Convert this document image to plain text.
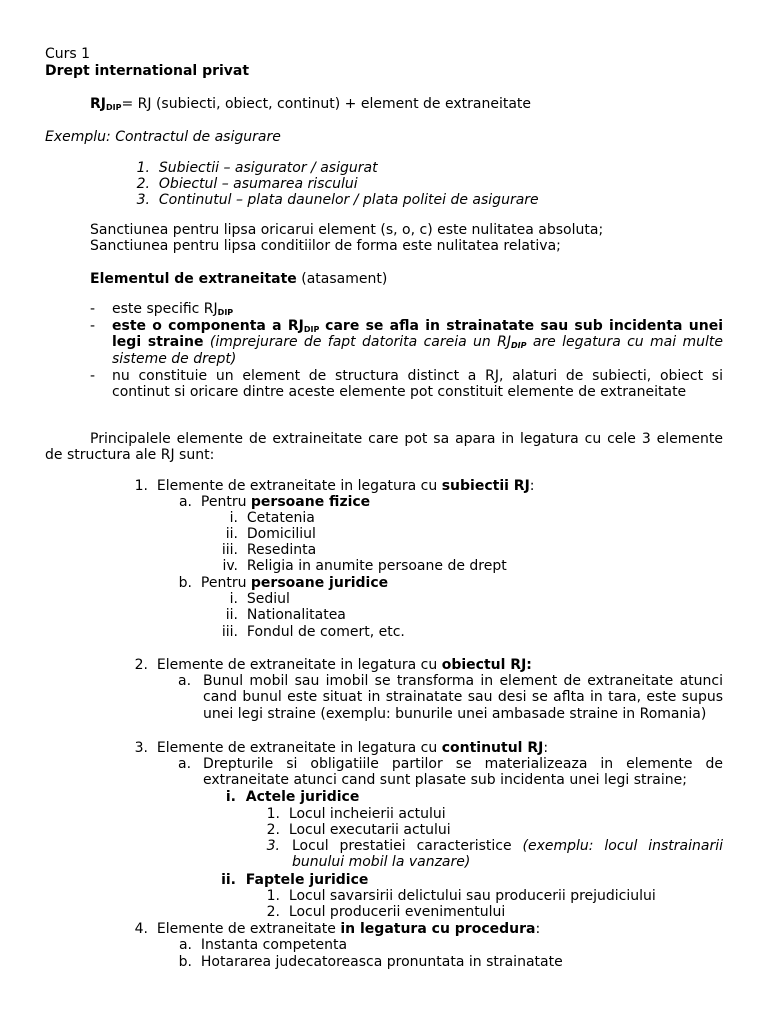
Curs 1
Drept international privat
$RJ_{DIP}=$ RJ (subiecti, obiect, continut) + element de extraneitate
Exemplu: Contractul de asigurare
1. Subiectii – asigurator / asigurat
2. Obiectul – asumarea riscului
3. Continutul – plata daunelor / plata politei de asigurare
Sanctiunea pentru lipsa oricarui element (s, o, c) este nulitatea absoluta;
Sanctiunea pentru lipsa conditiilor de forma este nulitatea relativa;
Elementul de extraneitate (atasament)
- este specific $RJ_{DIP}$
- este o componenta a $RJ_{DIP}$ care se afla in strainatate sau sub incidenta unei legi straine (imprejurare de fapt datorita careia un $RJ_{DIP}$ are legatura cu mai multe sisteme de drept)
- nu constituie un element de structura distinct a RJ, alaturi de subiecti, obiect si continut si oricare dintre aceste elemente pot constituit elemente de extraneitate
Principalele elemente de extraineitate care pot sa apara in legatura cu cele 3 elemente de structura ale RJ sunt:
1. Elemente de extraneitate in legatura cu subiectii RJ:
a. Pentru persoane fizice
i. Cetatenia
ii. Domiciliul
iii. Resedinta
iv. Religia in anumite persoane de drept
b. Pentru persoane juridice
i. Sediul
ii. Nationalitatea
iii. Fondul de comert, etc.
2. Elemente de extraneitate in legatura cu obiectul RJ:
a. Bunul mobil sau imobil se transforma in element de extraneitate atunci cand bunul este situat in strainatate sau desi se aflta in tara, este supus unei legi straine (exemplu: bunurile unei ambasade straine in Romania)
3. Elemente de extraneitate in legatura cu continutul RJ:
a. Drepturile si obligatiile partilor se materializeaza in elemente de extraneitate atunci cand sunt plasate sub incidenta unei legi straine;
i. Actele juridice
1. Locul incheierii actului
2. Locul executarii actului
3. Locul prestatiei caracteristice (exemplu: locul instrainarii bunului mobil la vanzare)
ii. Faptele juridice
1. Locul savarsirii delictului sau producerii prejudiciului
2. Locul producerii evenimentului
4. Elemente de extraneitate in legatura cu procedura:
a. Instanta competenta
b. Hotararea judecatoreasca pronuntata in strainatate
